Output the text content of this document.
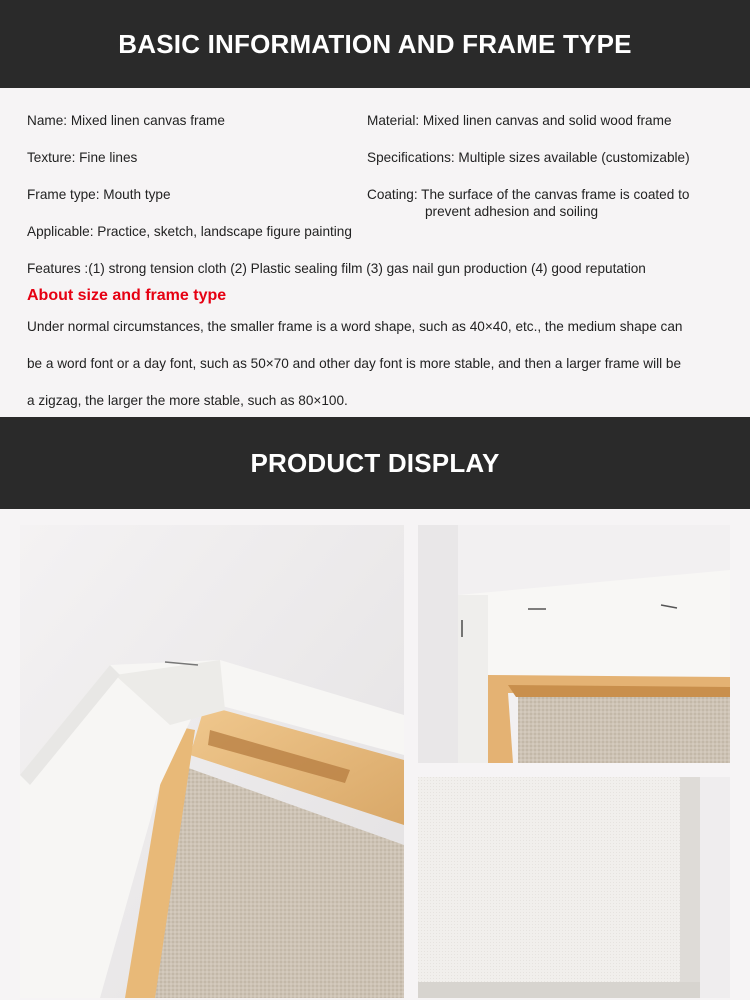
BASIC INFORMATION AND FRAME TYPE
Name: Mixed linen canvas frame	Material: Mixed linen canvas and solid wood frame
Texture: Fine lines	Specifications: Multiple sizes available (customizable)
Frame type: Mouth type	Coating: The surface of the canvas frame is coated to
prevent adhesion and soiling
Applicable: Practice, sketch, landscape figure painting
Features :(1) strong tension cloth (2) Plastic sealing film (3) gas nail gun production (4) good reputation
About size and frame type
Under normal circumstances, the smaller frame is a word shape, such as 40×40, etc., the medium shape can
be a word font or a day font, such as 50×70 and other day font is more stable, and then a larger frame will be
a zigzag, the larger the more stable, such as 80×100.
PRODUCT DISPLAY
